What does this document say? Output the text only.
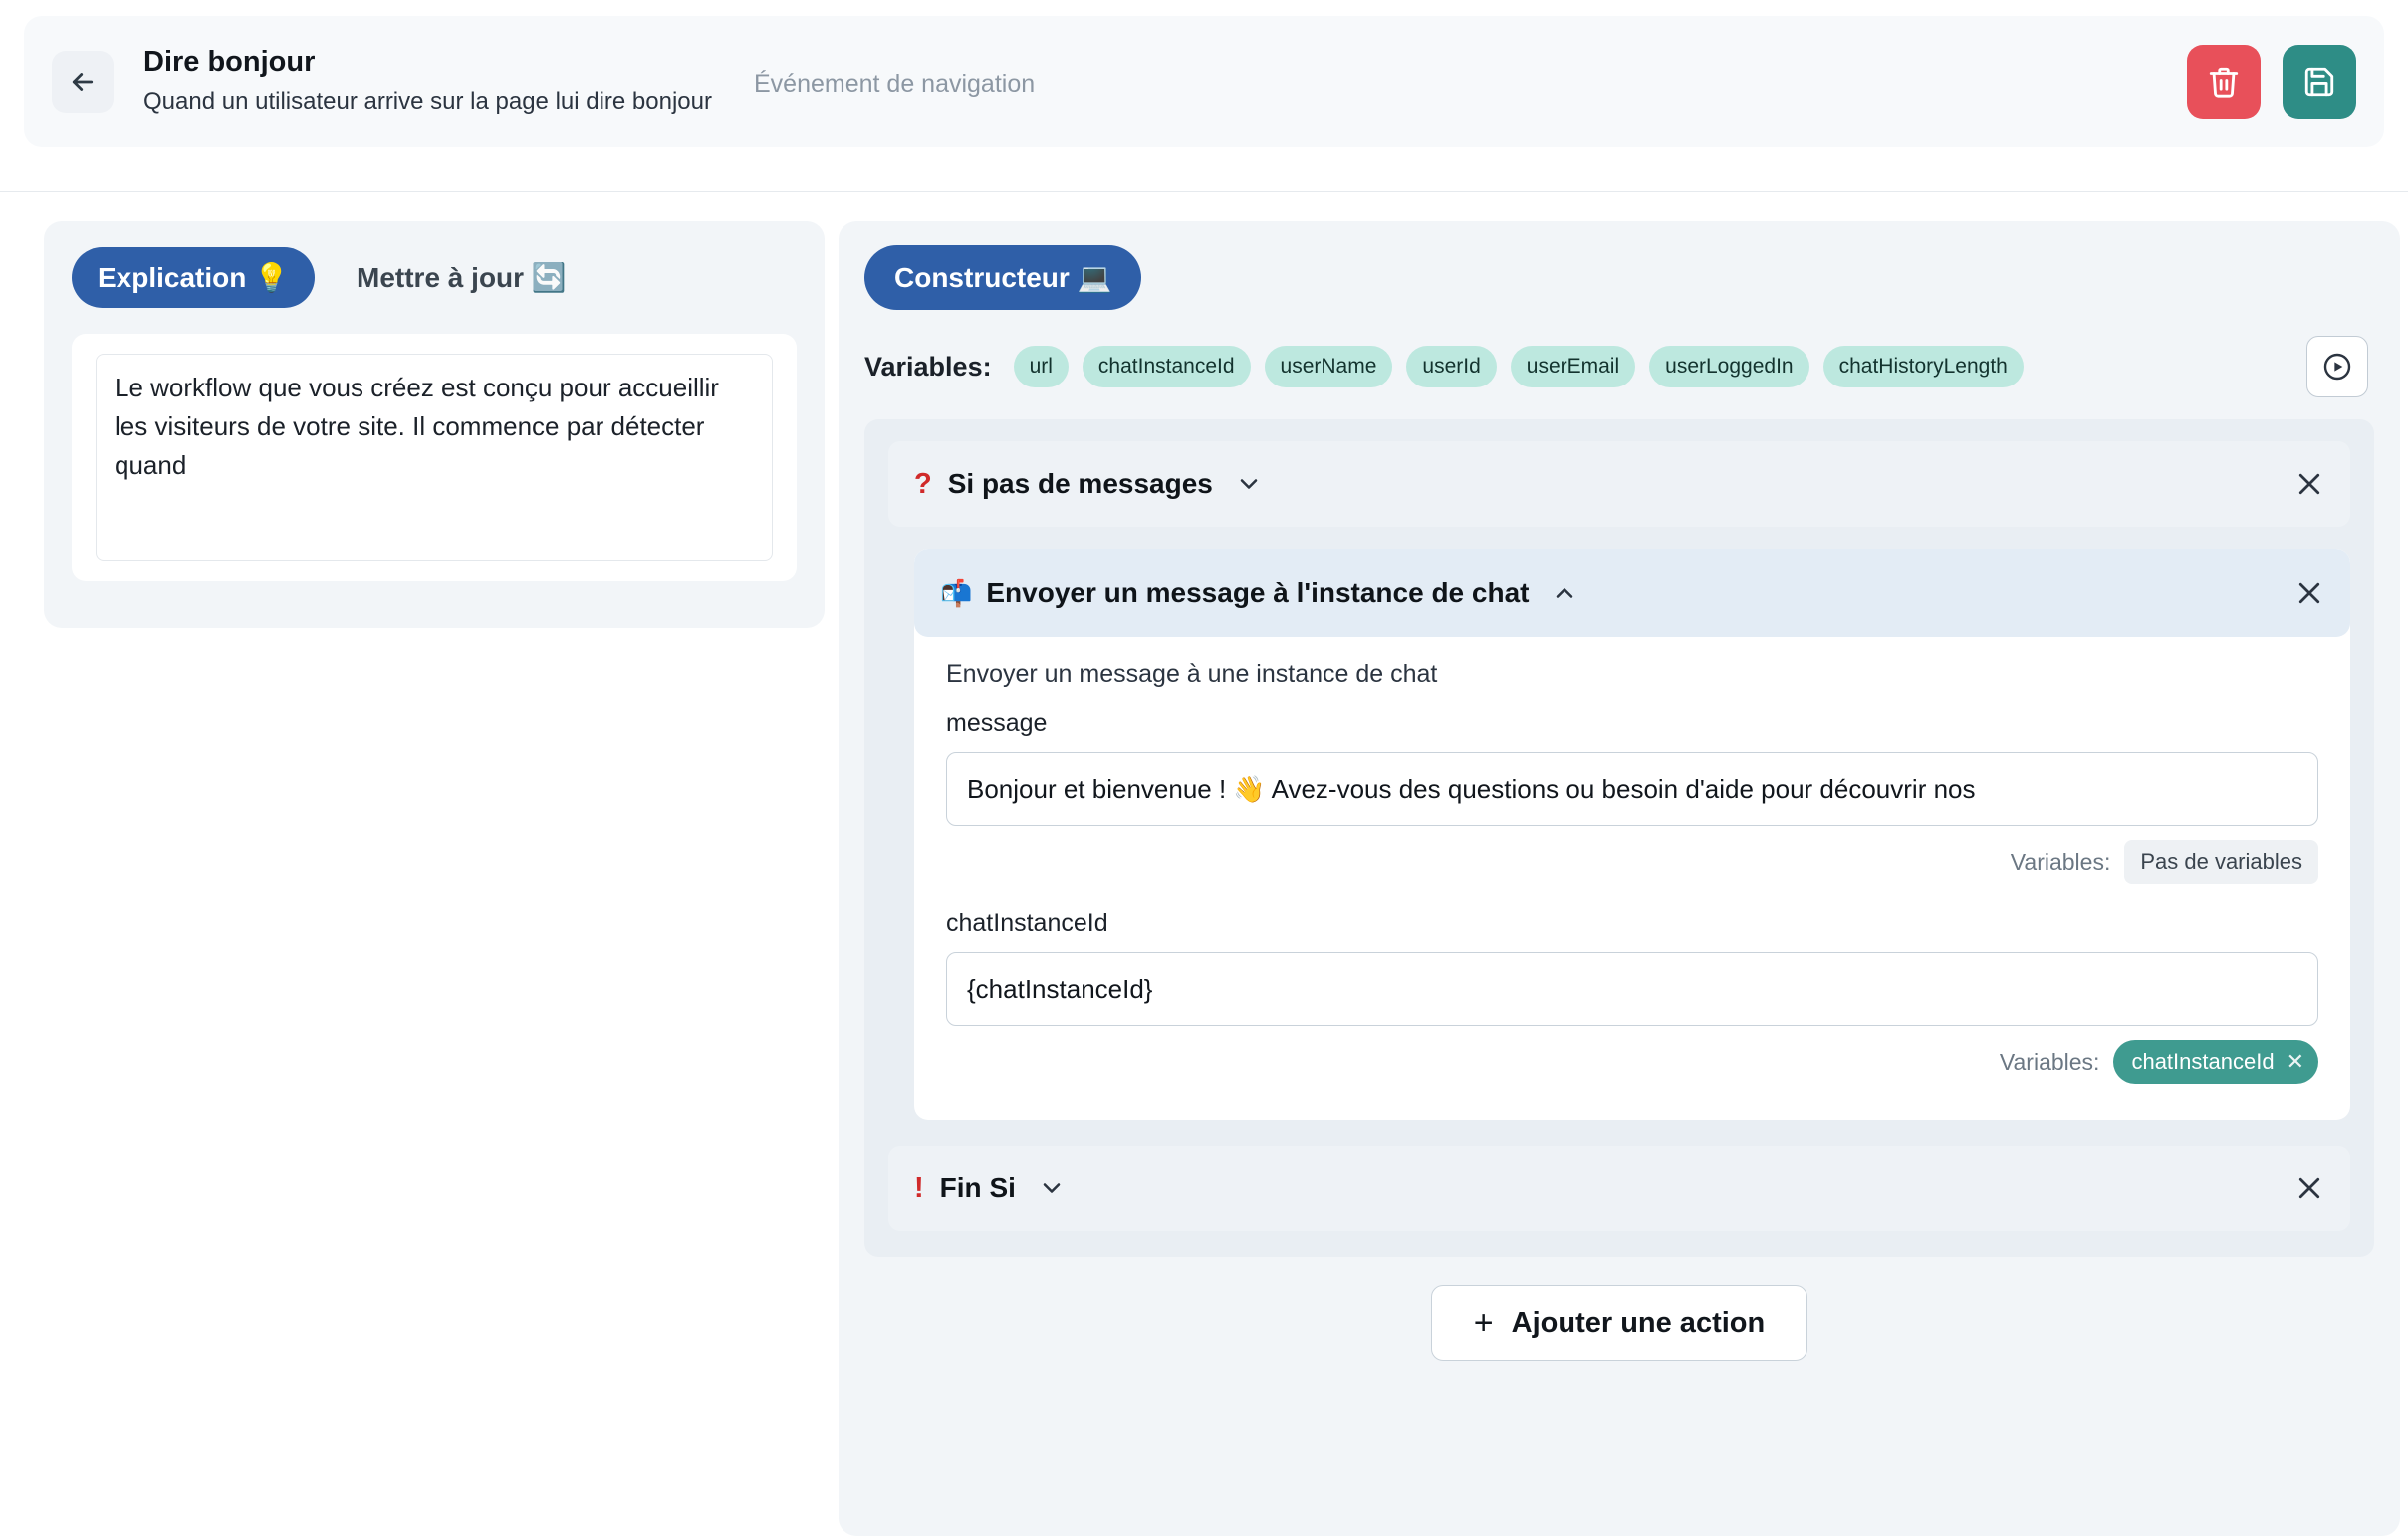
Dire bonjour
Quand un utilisateur arrive sur la page lui dire bonjour
Événement de navigation
Explication 💡	Mettre à jour 🔄
Le workflow que vous créez est conçu pour accueillir les visiteurs de votre site. Il commence par détecter quand	Constructeur 💻
Variables:	url	chatInstanceId	userName	userId	userEmail	userLoggedIn	chatHistoryLength
? Si pas de messages
📬 Envoyer un message à l'instance de chat
Envoyer un message à une instance de chat
message
Bonjour et bienvenue ! 👋 Avez-vous des questions ou besoin d'aide pour découvrir nos
Variables:	Pas de variables
chatInstanceId
{chatInstanceId}
Variables: chatInstanceId ✕
! Fin Si
+ Ajouter une action
